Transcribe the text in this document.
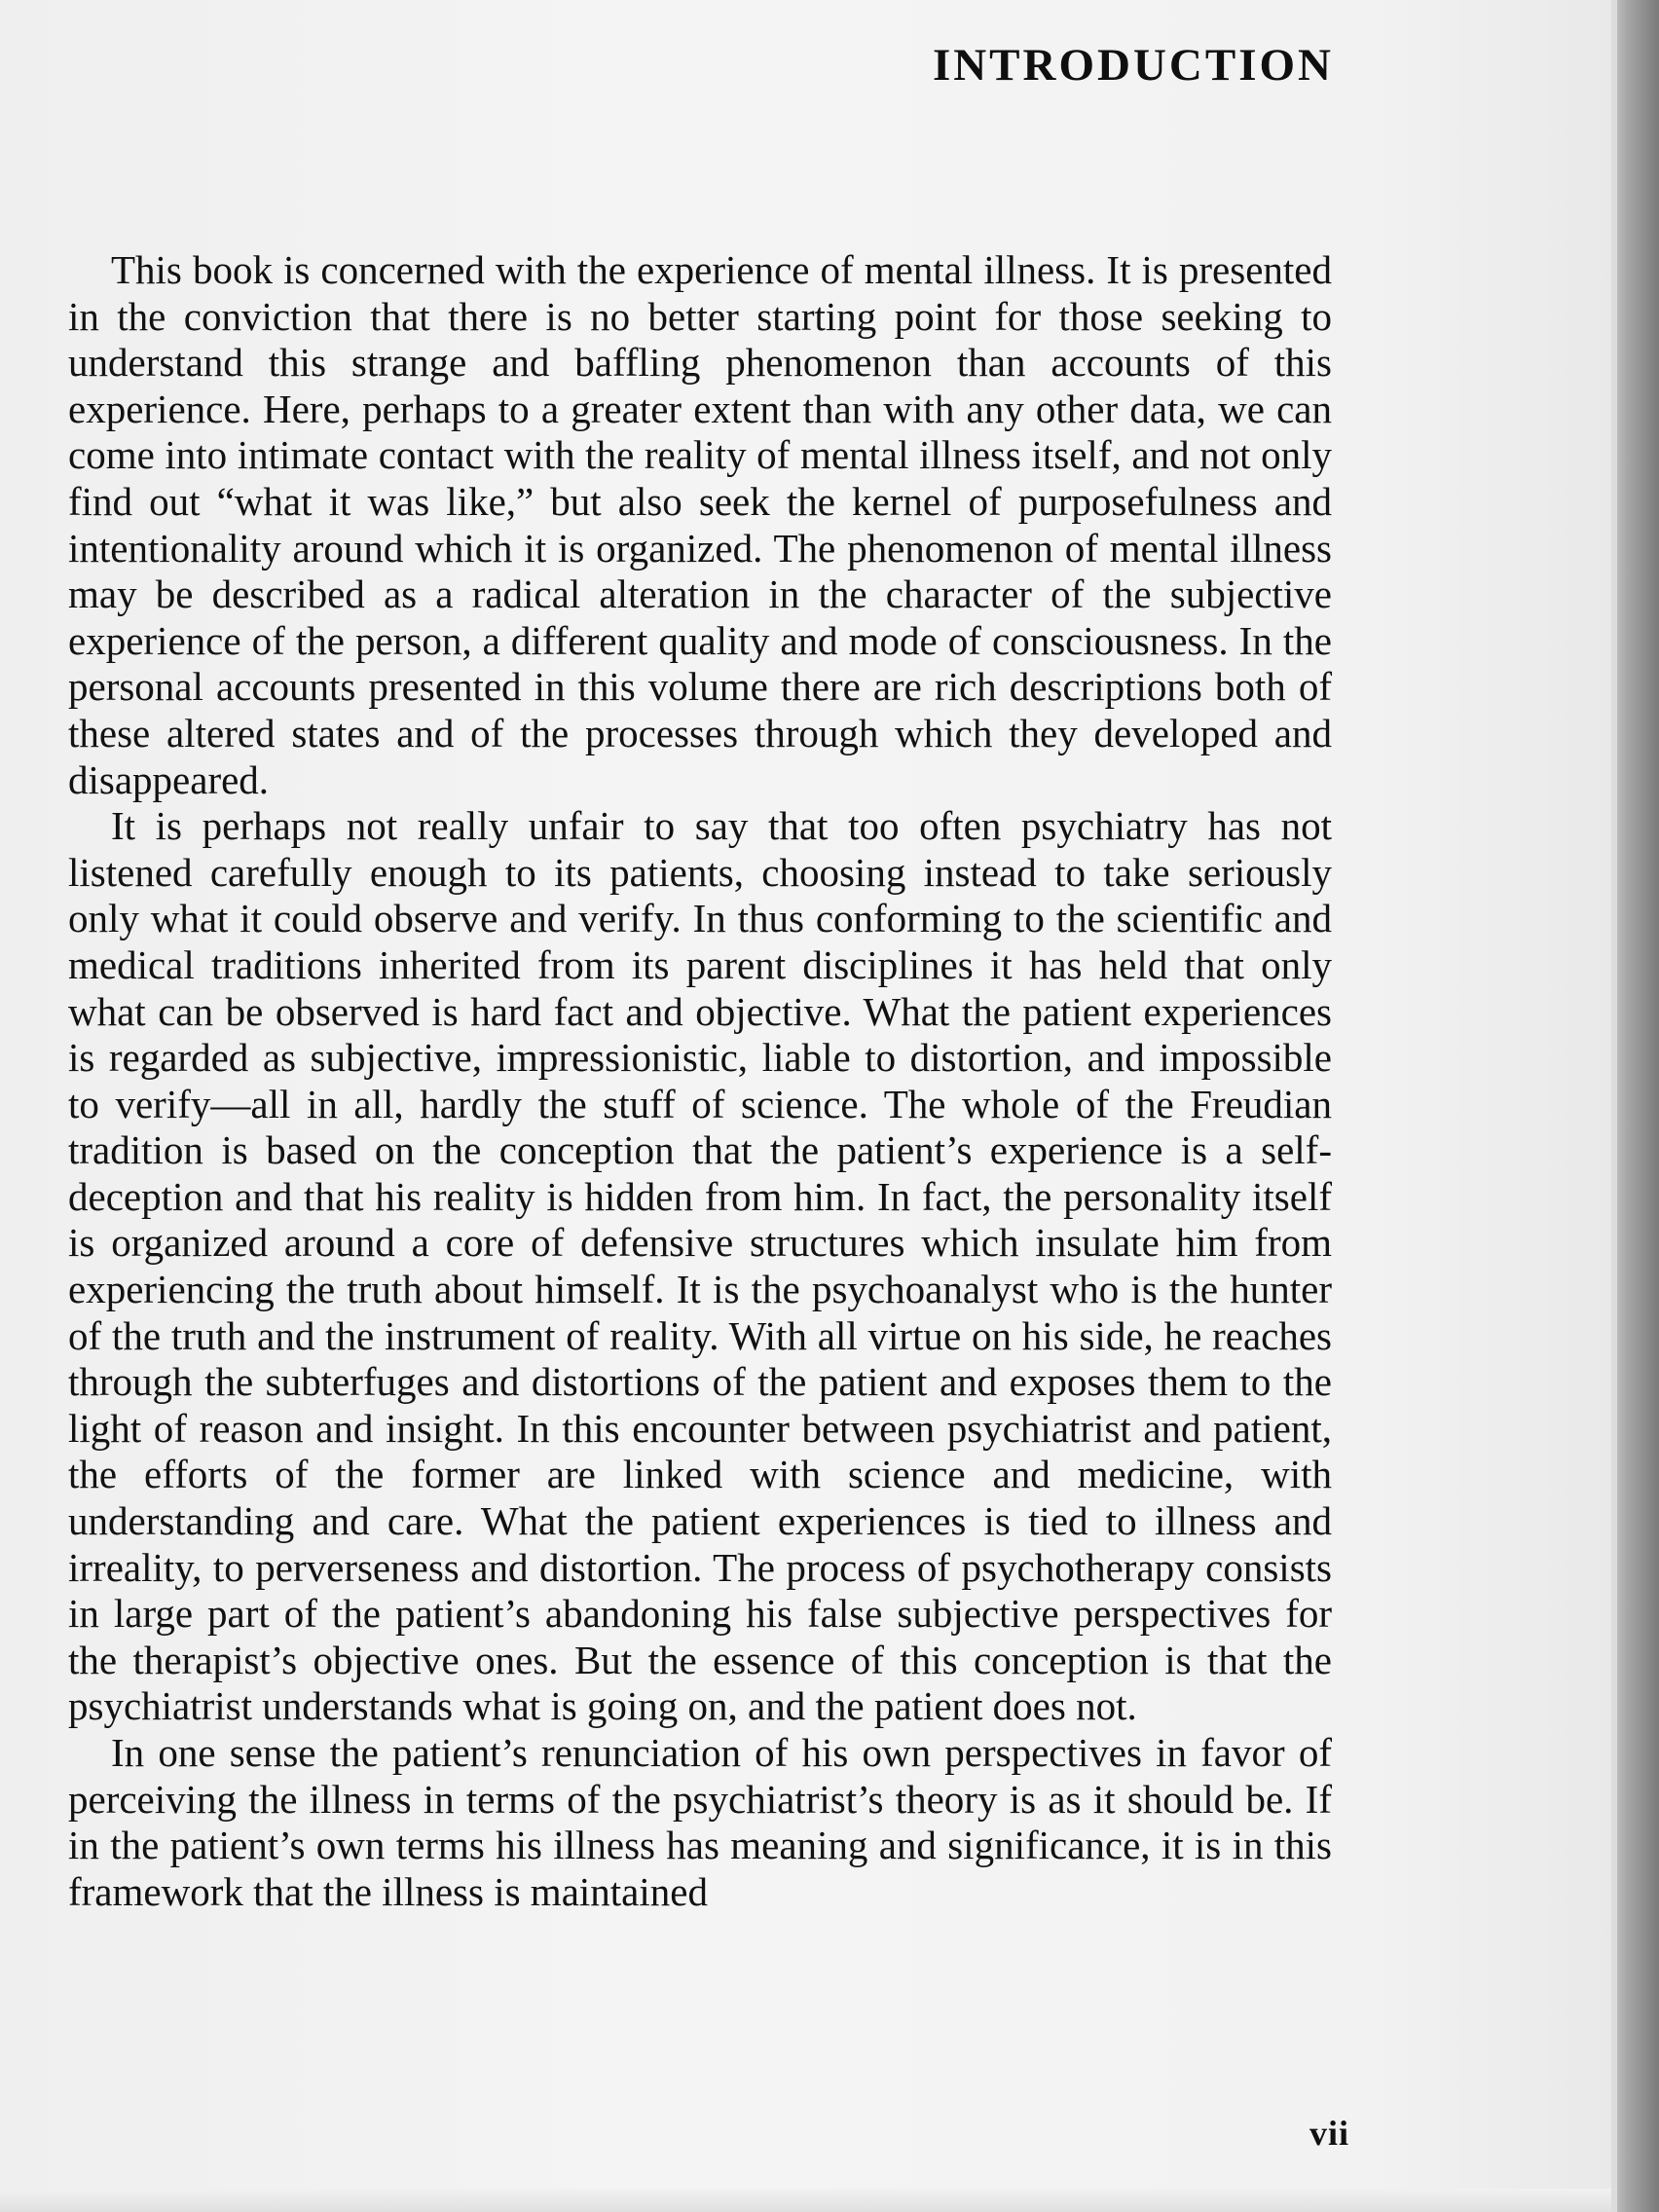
INTRODUCTION

This book is concerned with the experience of mental illness. It is presented in the conviction that there is no better starting point for those seeking to understand this strange and baffling phenomenon than accounts of this experience. Here, perhaps to a greater extent than with any other data, we can come into intimate contact with the reality of mental illness itself, and not only find out “what it was like,” but also seek the kernel of purposefulness and intentionality around which it is organized. The phenomenon of mental illness may be described as a radical alteration in the character of the subjective experience of the person, a different quality and mode of consciousness. In the personal accounts presented in this volume there are rich descriptions both of these altered states and of the processes through which they developed and disappeared.

It is perhaps not really unfair to say that too often psychiatry has not listened carefully enough to its patients, choosing instead to take seriously only what it could observe and verify. In thus conforming to the scientific and medical traditions inherited from its parent disciplines it has held that only what can be observed is hard fact and objective. What the patient experiences is regarded as subjective, impressionistic, liable to distortion, and impossible to verify—all in all, hardly the stuff of science. The whole of the Freudian tradition is based on the conception that the patient’s experience is a self-deception and that his reality is hidden from him. In fact, the personality itself is organized around a core of defensive structures which insulate him from experiencing the truth about himself. It is the psychoanalyst who is the hunter of the truth and the instrument of reality. With all virtue on his side, he reaches through the subterfuges and distortions of the patient and exposes them to the light of reason and insight. In this encounter between psychiatrist and patient, the efforts of the former are linked with science and medicine, with understanding and care. What the patient experiences is tied to illness and irreality, to perverseness and distortion. The process of psychotherapy consists in large part of the patient’s abandoning his false subjective perspectives for the therapist’s objective ones. But the essence of this conception is that the psychiatrist understands what is going on, and the patient does not.

In one sense the patient’s renunciation of his own perspectives in favor of perceiving the illness in terms of the psychiatrist’s theory is as it should be. If in the patient’s own terms his illness has meaning and significance, it is in this framework that the illness is maintained

vii
